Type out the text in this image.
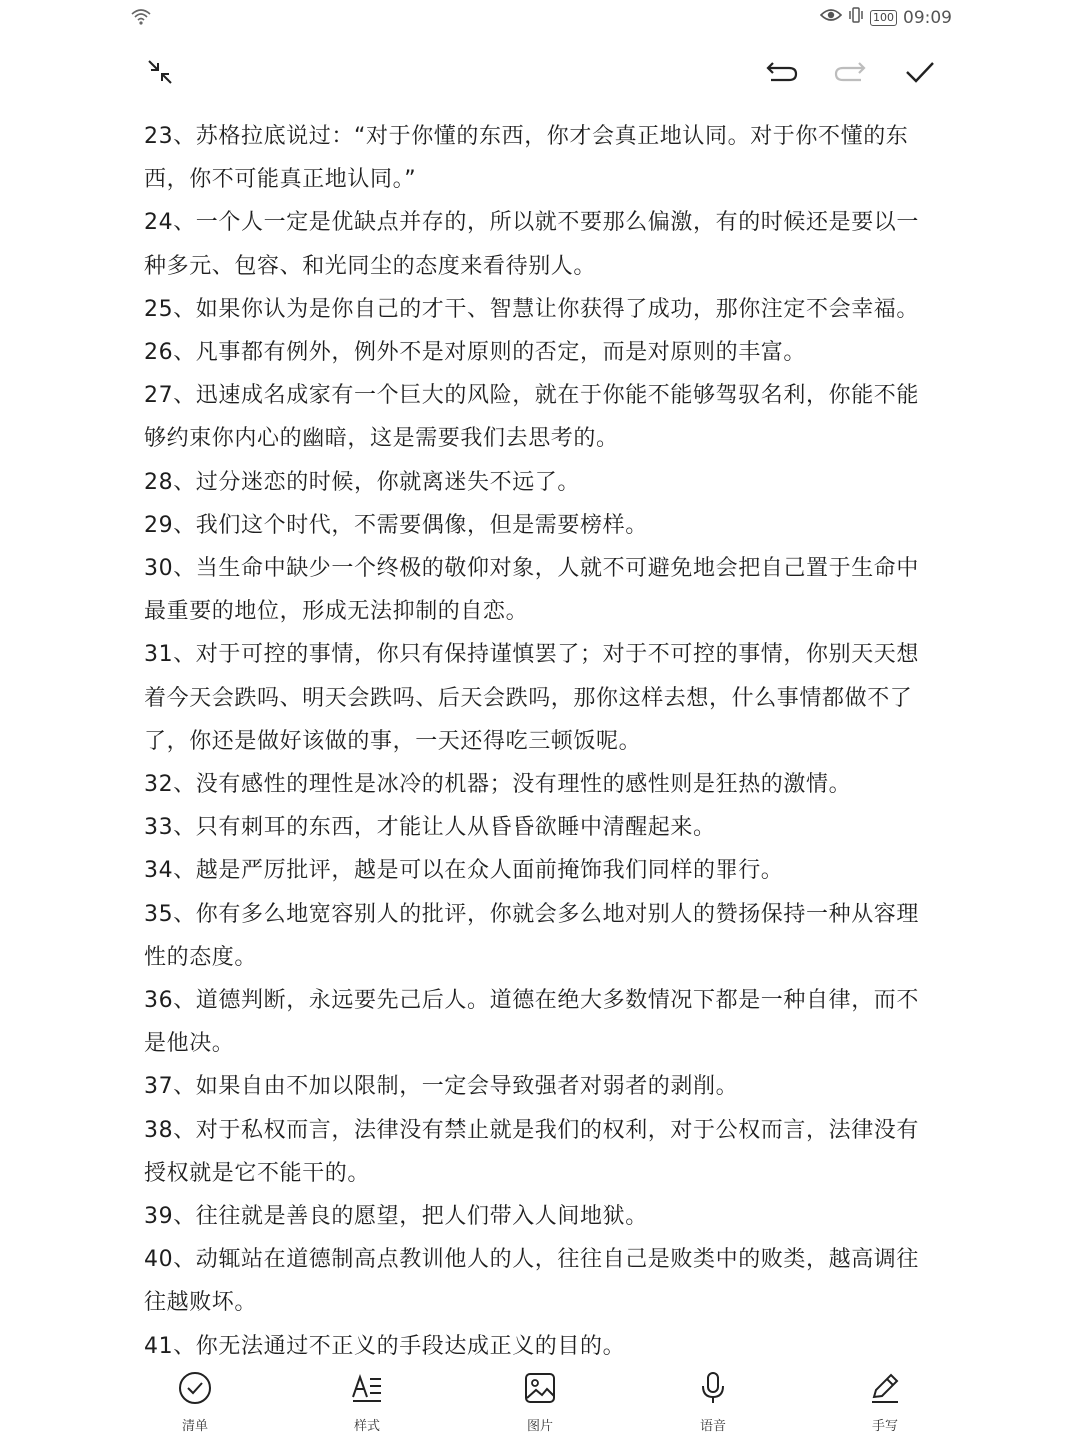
100 09:09
23、苏格拉底说过：“对于你懂的东西，你才会真正地认同。对于你不懂的东
西，你不可能真正地认同。”
24、一个人一定是优缺点并存的，所以就不要那么偏激，有的时候还是要以一
种多元、包容、和光同尘的态度来看待别人。
25、如果你认为是你自己的才干、智慧让你获得了成功，那你注定不会幸福。
26、凡事都有例外，例外不是对原则的否定，而是对原则的丰富。
27、迅速成名成家有一个巨大的风险，就在于你能不能够驾驭名利，你能不能
够约束你内心的幽暗，这是需要我们去思考的。
28、过分迷恋的时候，你就离迷失不远了。
29、我们这个时代，不需要偶像，但是需要榜样。
30、当生命中缺少一个终极的敬仰对象，人就不可避免地会把自己置于生命中
最重要的地位，形成无法抑制的自恋。
31、对于可控的事情，你只有保持谨慎罢了；对于不可控的事情，你别天天想
着今天会跌吗、明天会跌吗、后天会跌吗，那你这样去想，什么事情都做不了
了，你还是做好该做的事，一天还得吃三顿饭呢。
32、没有感性的理性是冰冷的机器；没有理性的感性则是狂热的激情。
33、只有刺耳的东西，才能让人从昏昏欲睡中清醒起来。
34、越是严厉批评，越是可以在众人面前掩饰我们同样的罪行。
35、你有多么地宽容别人的批评，你就会多么地对别人的赞扬保持一种从容理
性的态度。
36、道德判断，永远要先己后人。道德在绝大多数情况下都是一种自律，而不
是他决。
37、如果自由不加以限制，一定会导致强者对弱者的剥削。
38、对于私权而言，法律没有禁止就是我们的权利，对于公权而言，法律没有
授权就是它不能干的。
39、往往就是善良的愿望，把人们带入人间地狱。
40、动辄站在道德制高点教训他人的人，往往自己是败类中的败类，越高调往
往越败坏。
41、你无法通过不正义的手段达成正义的目的。
清单	样式	图片	语音	手写
